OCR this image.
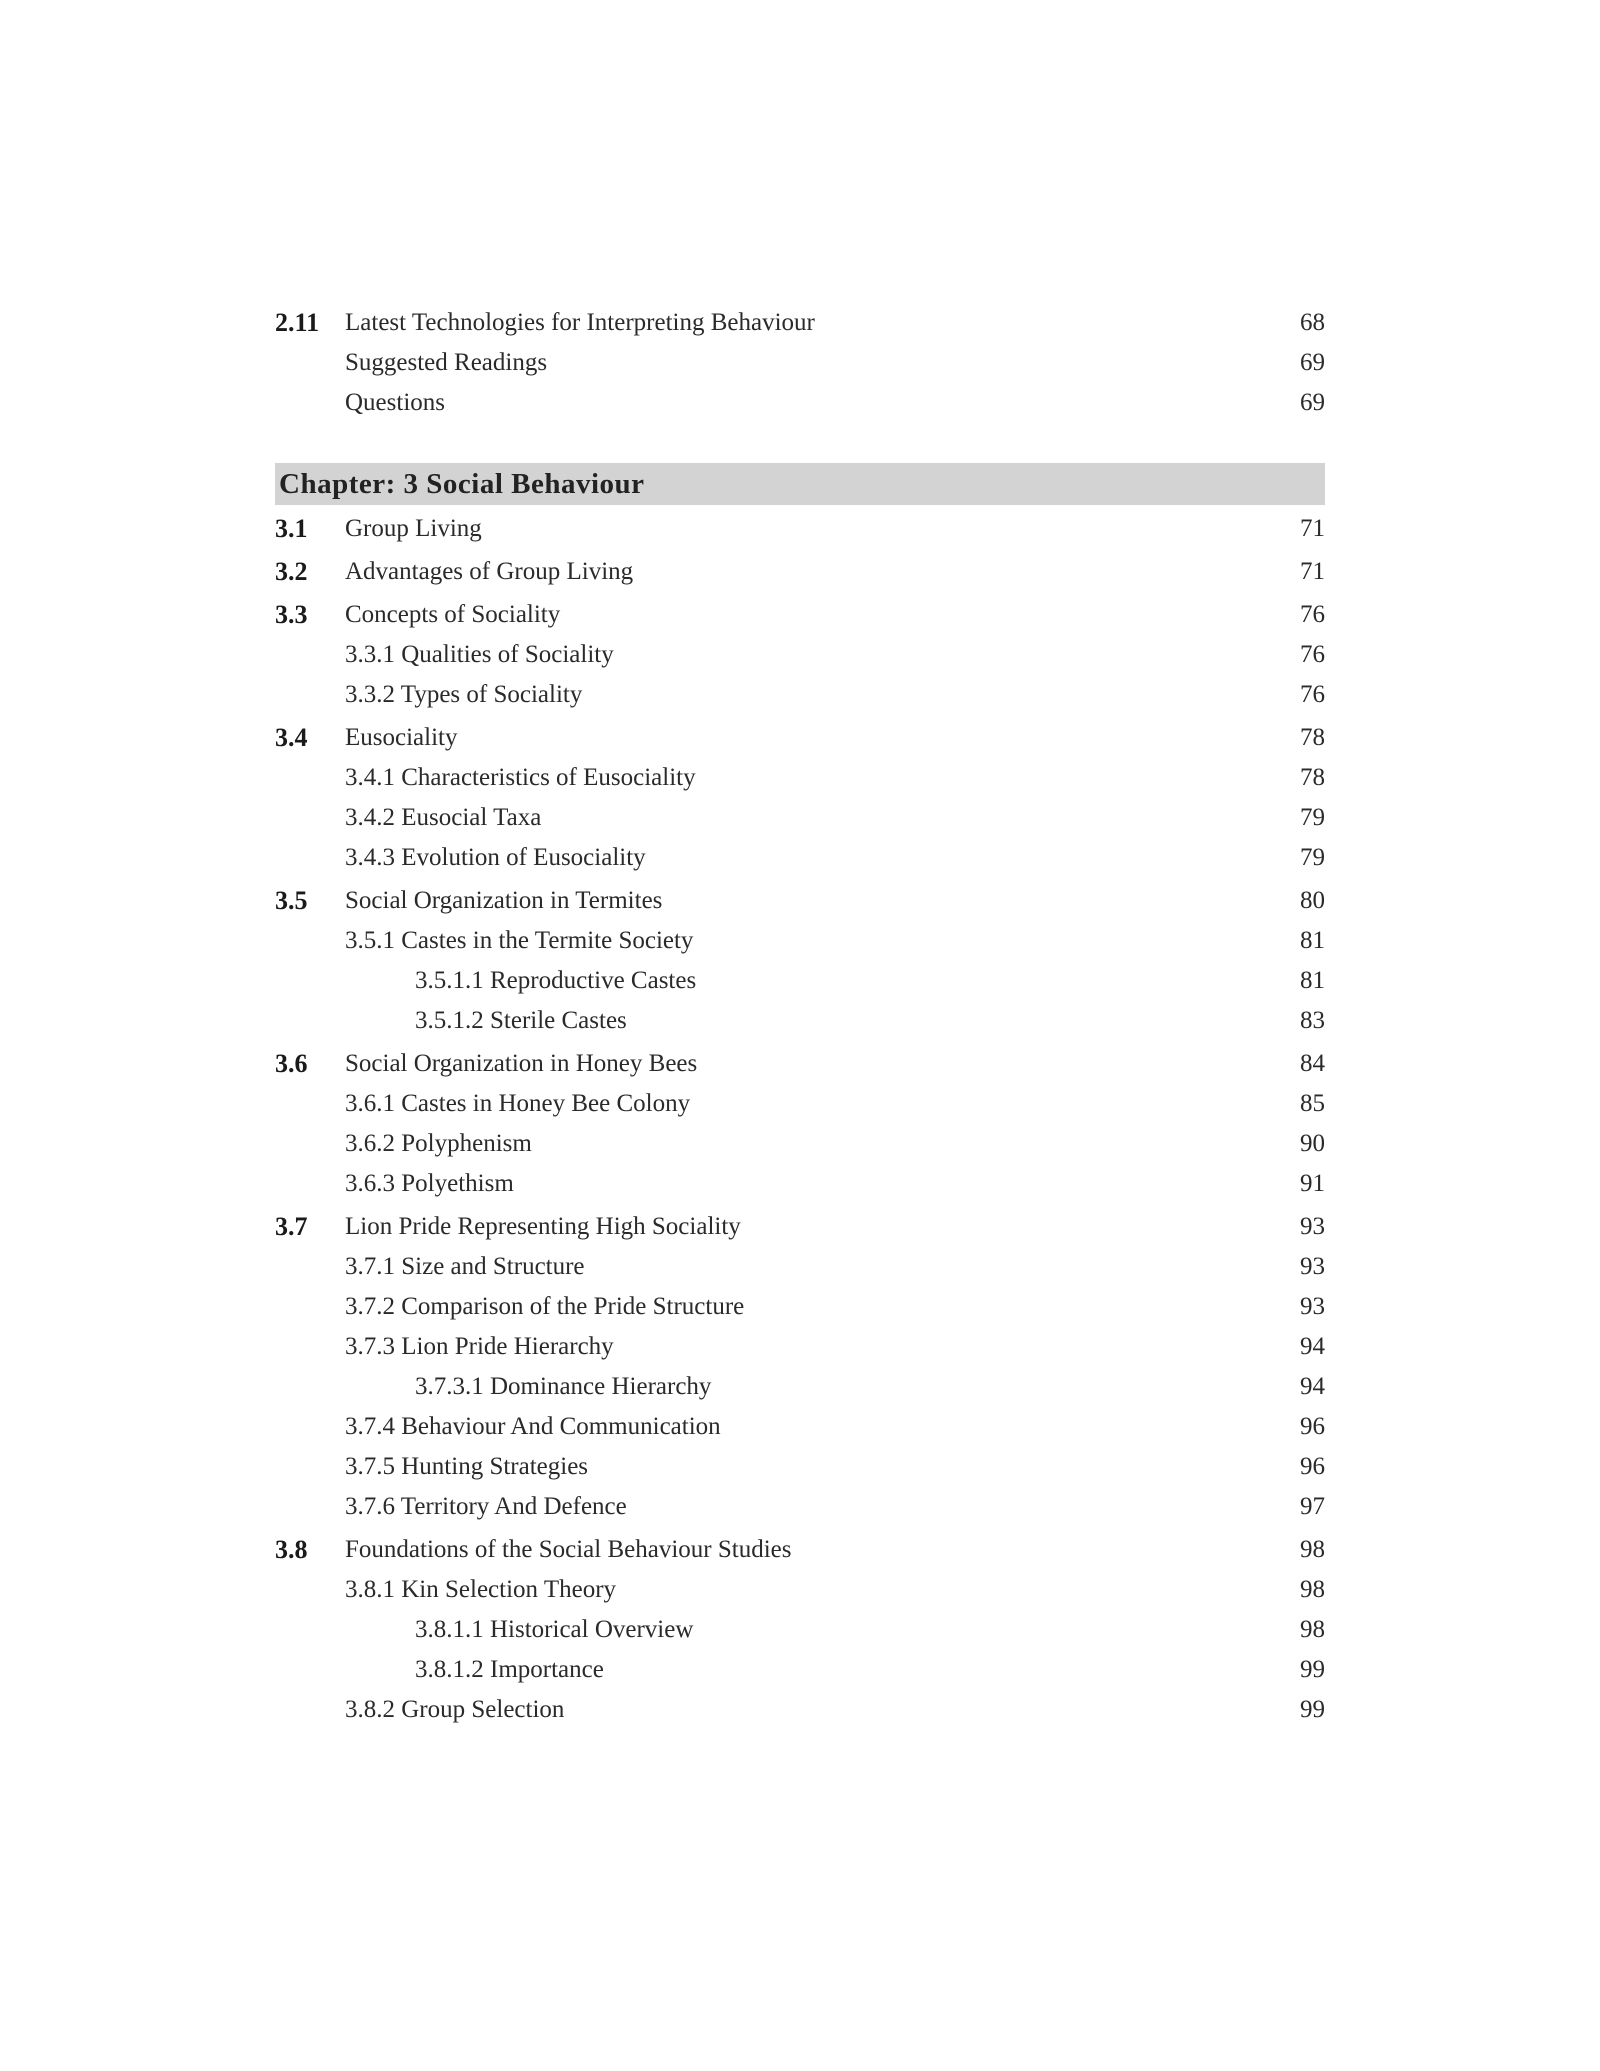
2.11 Latest Technologies for Interpreting Behaviour	68
Suggested Readings	69
Questions	69
Chapter: 3 Social Behaviour
3.1 Group Living	71
3.2 Advantages of Group Living	71
3.3 Concepts of Sociality	76
3.3.1 Qualities of Sociality	76
3.3.2 Types of Sociality	76
3.4 Eusociality	78
3.4.1 Characteristics of Eusociality	78
3.4.2 Eusocial Taxa	79
3.4.3 Evolution of Eusociality	79
3.5 Social Organization in Termites	80
3.5.1 Castes in the Termite Society	81
3.5.1.1 Reproductive Castes	81
3.5.1.2 Sterile Castes	83
3.6 Social Organization in Honey Bees	84
3.6.1 Castes in Honey Bee Colony	85
3.6.2 Polyphenism	90
3.6.3 Polyethism	91
3.7 Lion Pride Representing High Sociality	93
3.7.1 Size and Structure	93
3.7.2 Comparison of the Pride Structure	93
3.7.3 Lion Pride Hierarchy	94
3.7.3.1 Dominance Hierarchy	94
3.7.4 Behaviour And Communication	96
3.7.5 Hunting Strategies	96
3.7.6 Territory And Defence	97
3.8 Foundations of the Social Behaviour Studies	98
3.8.1 Kin Selection Theory	98
3.8.1.1 Historical Overview	98
3.8.1.2 Importance	99
3.8.2 Group Selection	99
